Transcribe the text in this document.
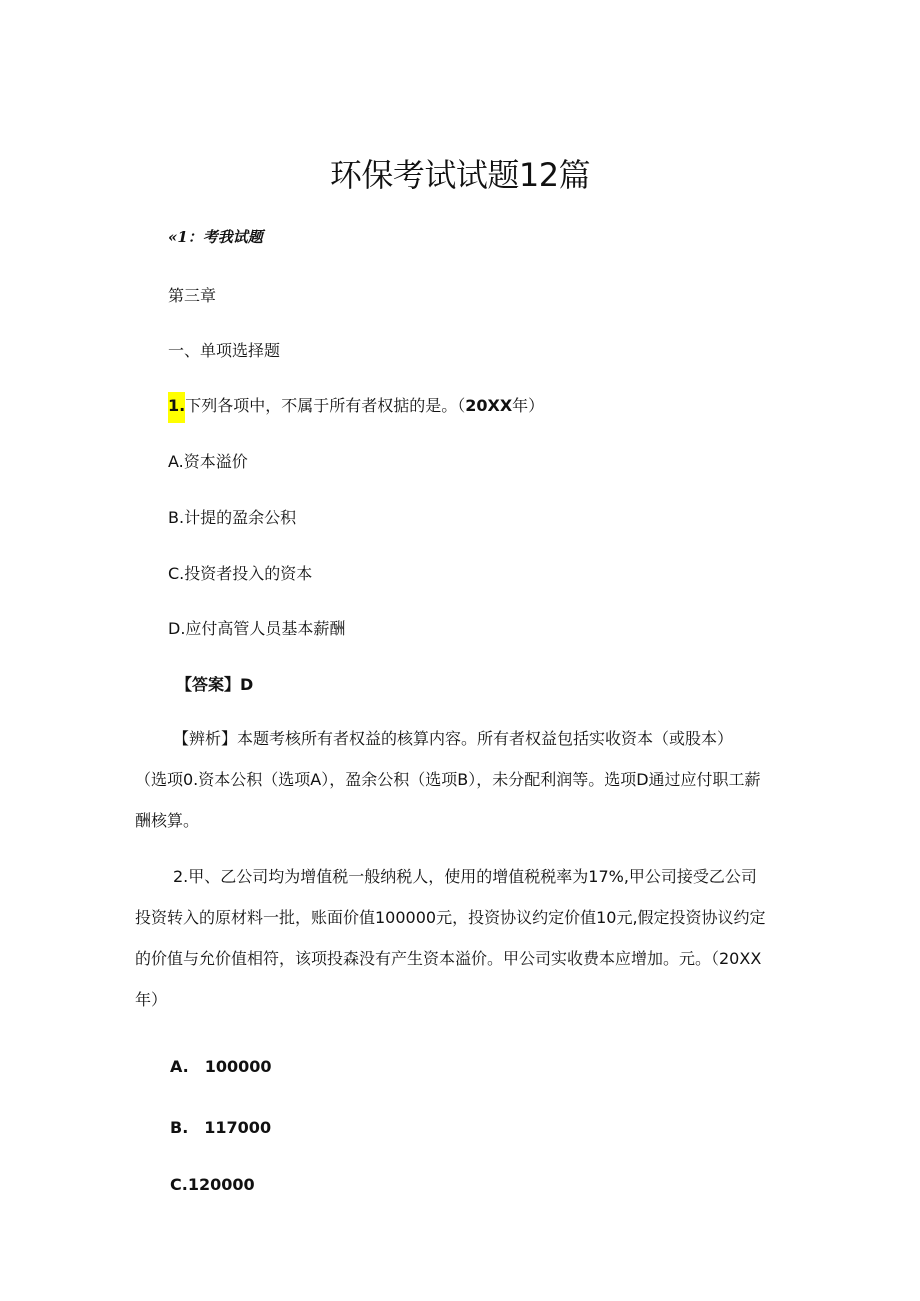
环保考试试题12篇
«1：考我试题
第三章
一、单项选择题
1.下列各项中，不属于所有者权掂的是。（20XX年）
A.资本溢价
B.计提的盈余公积
C.投资者投入的资本
D.应付高管人员基本薪酬
【答案】D
【辨析】本题考核所有者权益的核算内容。所有者权益包括实收资本（或股本）
（选项0.资本公积（选项A），盈余公积（选项B），未分配利润等。选项D通过应付职工薪
酬核算。
2.甲、乙公司均为增值税一般纳税人，使用的增值税税率为17%,甲公司接受乙公司
投资转入的原材料一批，账面价值100000元，投资协议约定价值10元,假定投资协议约定
的价值与允价值相符，该项投森没有产生资本溢价。甲公司实收费本应增加。元。（20XX
年）
A.　100000
B.　117000
C.120000
